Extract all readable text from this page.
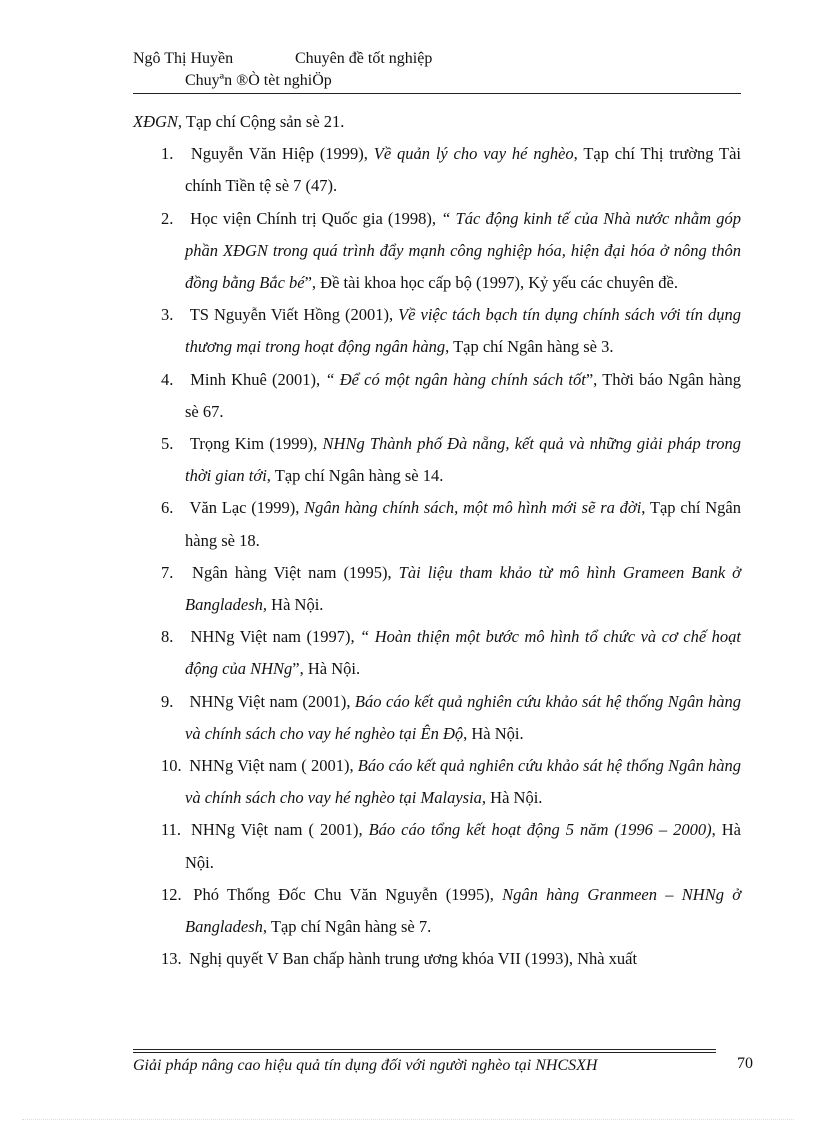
Ngô Thị Huyền	Chuyên đề tốt nghiệp
Chuyªn ®Ò tèt nghiÖp

XĐGN, Tạp chí Cộng sản sè 21.

1. Nguyễn Văn Hiệp (1999), Về quản lý cho vay hé nghèo, Tạp chí Thị trường Tài chính Tiền tệ sè 7 (47).
2. Học viện Chính trị Quốc gia (1998), “ Tác động kinh tế của Nhà nước nhằm góp phần XĐGN trong quá trình đẩy mạnh công nghiệp hóa, hiện đại hóa ở nông thôn đồng bằng Bắc bé”, Đề tài khoa học cấp bộ (1997), Kỷ yếu các chuyên đề.
3. TS Nguyễn Viết Hồng (2001), Về việc tách bạch tín dụng chính sách với tín dụng thương mại trong hoạt động ngân hàng, Tạp chí Ngân hàng sè 3.
4. Minh Khuê (2001), “ Để có một ngân hàng chính sách tốt”, Thời báo Ngân hàng sè 67.
5. Trọng Kim (1999), NHNg Thành phố Đà nẵng, kết quả và những giải pháp trong thời gian tới, Tạp chí Ngân hàng sè 14.
6. Văn Lạc (1999), Ngân hàng chính sách, một mô hình mới sẽ ra đời, Tạp chí Ngân hàng sè 18.
7. Ngân hàng Việt nam (1995), Tài liệu tham khảo từ mô hình Grameen Bank ở Bangladesh, Hà Nội.
8. NHNg Việt nam (1997), “ Hoàn thiện một bước mô hình tổ chức và cơ chế hoạt động của NHNg”, Hà Nội.
9. NHNg Việt nam (2001), Báo cáo kết quả nghiên cứu khảo sát hệ thống Ngân hàng và chính sách cho vay hé nghèo tại Ên Độ, Hà Nội.
10. NHNg Việt nam ( 2001), Báo cáo kết quả nghiên cứu khảo sát hệ thống Ngân hàng và chính sách cho vay hé nghèo tại Malaysia, Hà Nội.
11. NHNg Việt nam ( 2001), Báo cáo tổng kết hoạt động 5 năm (1996 – 2000), Hà Nội.
12. Phó Thống Đốc Chu Văn Nguyễn (1995), Ngân hàng Granmeen – NHNg ở Bangladesh, Tạp chí Ngân hàng sè 7.
13. Nghị quyết V Ban chấp hành trung ương khóa VII (1993), Nhà xuất
Giải pháp nâng cao hiệu quả tín dụng đối với người nghèo tại NHCSXH	70
